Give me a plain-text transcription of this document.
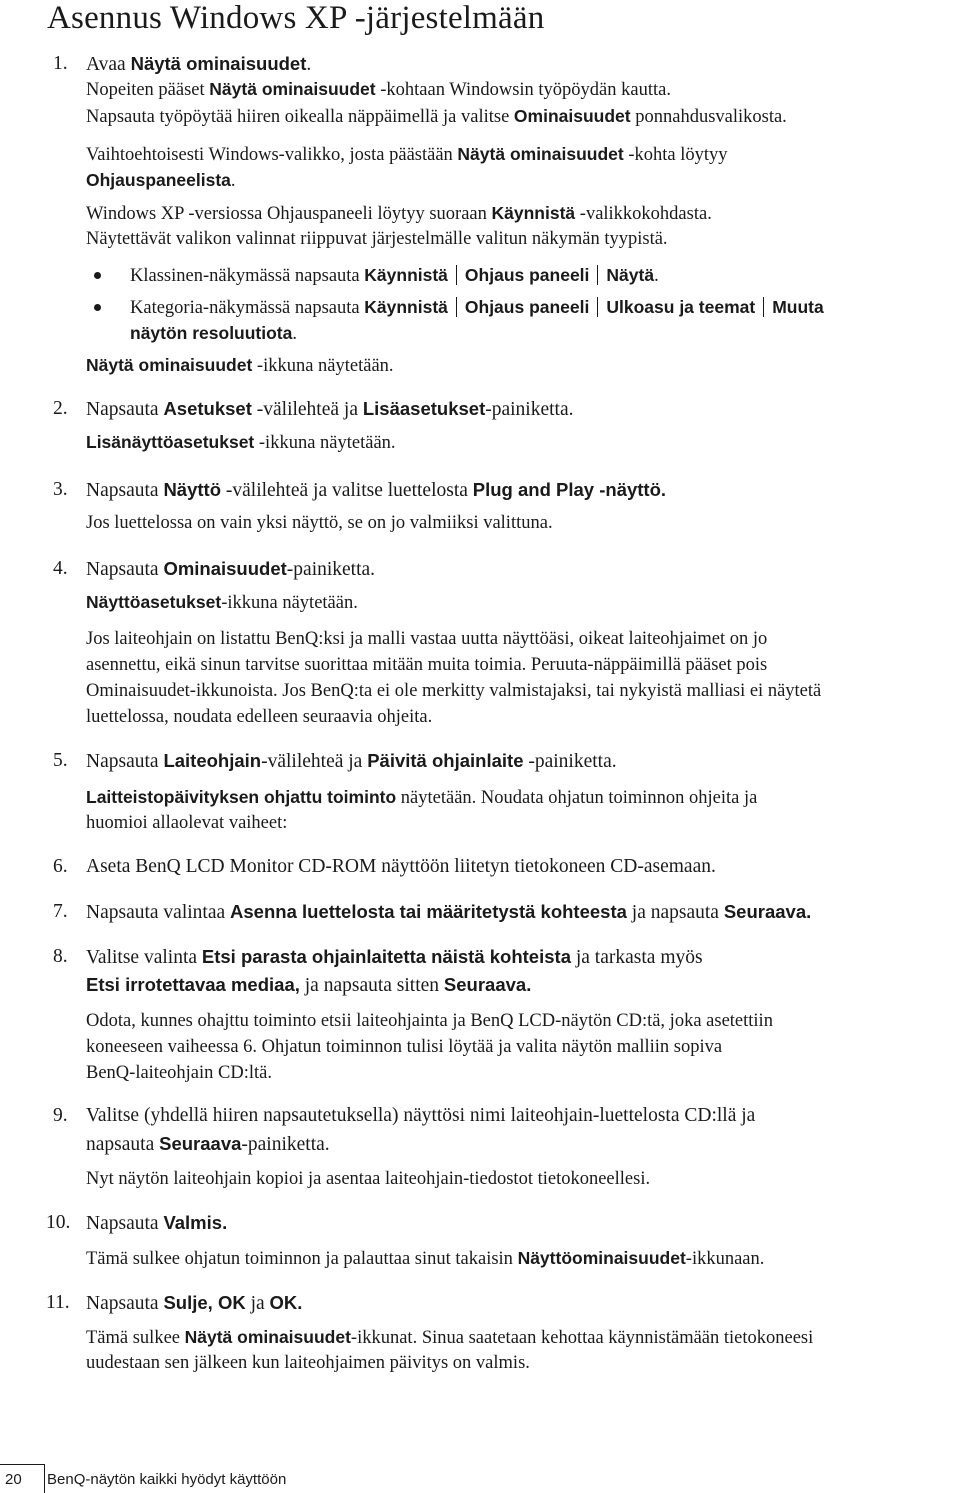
Asennus Windows XP -järjestelmään
1. Avaa Näytä ominaisuudet.
Nopeiten pääset Näytä ominaisuudet -kohtaan Windowsin työpöydän kautta.
Napsauta työpöytää hiiren oikealla näppäimellä ja valitse Ominaisuudet ponnahdusvalikosta.
Vaihtoehtoisesti Windows-valikko, josta päästään Näytä ominaisuudet -kohta löytyy
Ohjauspaneelista.
Windows XP -versiossa Ohjauspaneeli löytyy suoraan Käynnistä -valikkokohdasta.
Näytettävät valikon valinnat riippuvat järjestelmälle valitun näkymän tyypistä.
Klassinen-näkymässä napsauta Käynnistä Ohjaus paneeli Näytä.
Kategoria-näkymässä napsauta Käynnistä Ohjaus paneeli Ulkoasu ja teemat Muuta
näytön resoluutiota.
Näytä ominaisuudet -ikkuna näytetään.
2. Napsauta Asetukset -välilehteä ja Lisäasetukset-painiketta.
Lisänäyttöasetukset -ikkuna näytetään.
3. Napsauta Näyttö -välilehteä ja valitse luettelosta Plug and Play -näyttö.
Jos luettelossa on vain yksi näyttö, se on jo valmiiksi valittuna.
4. Napsauta Ominaisuudet-painiketta.
Näyttöasetukset-ikkuna näytetään.
Jos laiteohjain on listattu BenQ:ksi ja malli vastaa uutta näyttöäsi, oikeat laiteohjaimet on jo
asennettu, eikä sinun tarvitse suorittaa mitään muita toimia. Peruuta-näppäimillä pääset pois
Ominaisuudet-ikkunoista. Jos BenQ:ta ei ole merkitty valmistajaksi, tai nykyistä malliasi ei näytetä
luettelossa, noudata edelleen seuraavia ohjeita.
5. Napsauta Laiteohjain-välilehteä ja Päivitä ohjainlaite -painiketta.
Laitteistopäivityksen ohjattu toiminto näytetään. Noudata ohjatun toiminnon ohjeita ja
huomioi allaolevat vaiheet:
6. Aseta BenQ LCD Monitor CD-ROM näyttöön liitetyn tietokoneen CD-asemaan.
7. Napsauta valintaa Asenna luettelosta tai määritetystä kohteesta ja napsauta Seuraava.
8. Valitse valinta Etsi parasta ohjainlaitetta näistä kohteista ja tarkasta myös
Etsi irrotettavaa mediaa, ja napsauta sitten Seuraava.
Odota, kunnes ohajttu toiminto etsii laiteohjainta ja BenQ LCD-näytön CD:tä, joka asetettiin
koneeseen vaiheessa 6. Ohjatun toiminnon tulisi löytää ja valita näytön malliin sopiva
BenQ-laiteohjain CD:ltä.
9. Valitse (yhdellä hiiren napsautetuksella) näyttösi nimi laiteohjain-luettelosta CD:llä ja
napsauta Seuraava-painiketta.
Nyt näytön laiteohjain kopioi ja asentaa laiteohjain-tiedostot tietokoneellesi.
10. Napsauta Valmis.
Tämä sulkee ohjatun toiminnon ja palauttaa sinut takaisin Näyttöominaisuudet-ikkunaan.
11. Napsauta Sulje, OK ja OK.
Tämä sulkee Näytä ominaisuudet-ikkunat. Sinua saatetaan kehottaa käynnistämään tietokoneesi
uudestaan sen jälkeen kun laiteohjaimen päivitys on valmis.
20 BenQ-näytön kaikki hyödyt käyttöön
